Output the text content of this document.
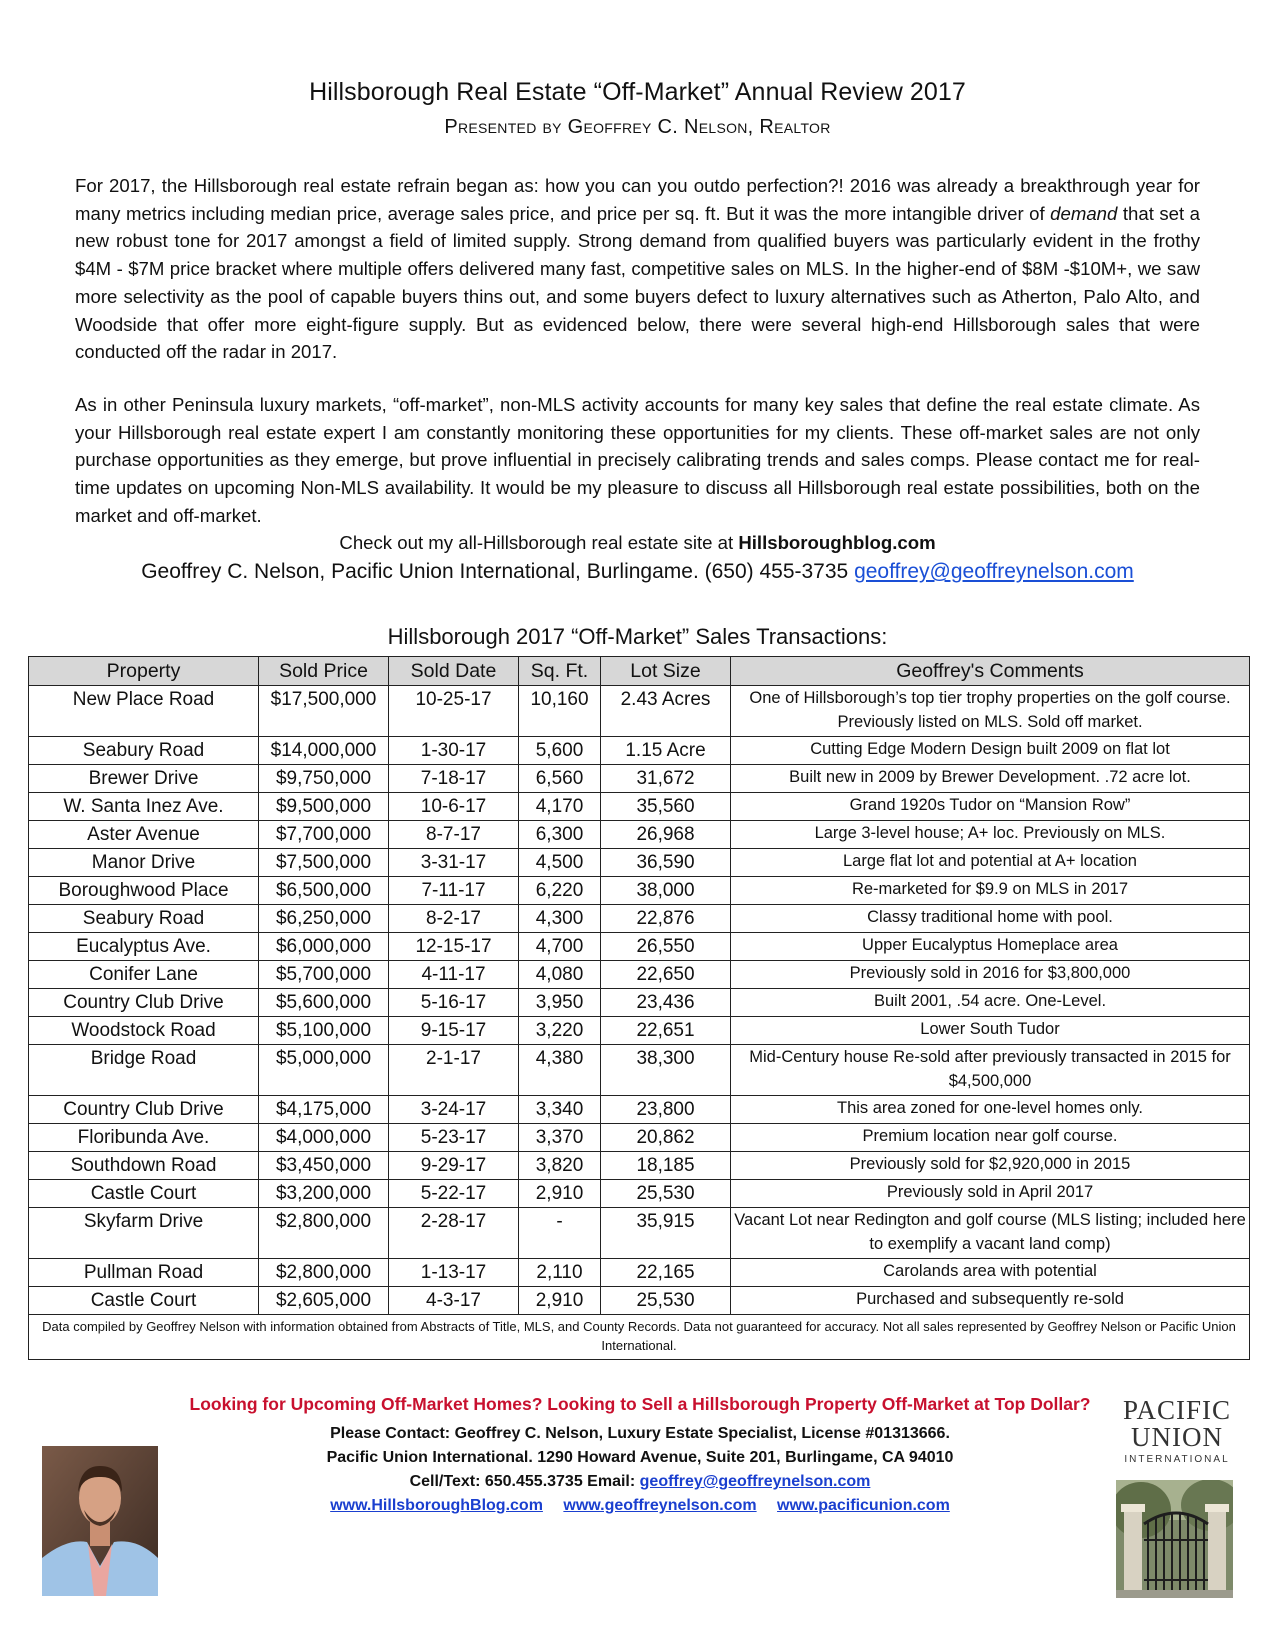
Hillsborough Real Estate “Off-Market” Annual Review 2017
Presented by Geoffrey C. Nelson, Realtor

For 2017, the Hillsborough real estate refrain began as: how you can you outdo perfection?! 2016 was already a breakthrough year for many metrics including median price, average sales price, and price per sq. ft. But it was the more intangible driver of demand that set a new robust tone for 2017 amongst a field of limited supply. Strong demand from qualified buyers was particularly evident in the frothy $4M - $7M price bracket where multiple offers delivered many fast, competitive sales on MLS. In the higher-end of $8M -$10M+, we saw more selectivity as the pool of capable buyers thins out, and some buyers defect to luxury alternatives such as Atherton, Palo Alto, and Woodside that offer more eight-figure supply. But as evidenced below, there were several high-end Hillsborough sales that were conducted off the radar in 2017.

As in other Peninsula luxury markets, “off-market”, non-MLS activity accounts for many key sales that define the real estate climate. As your Hillsborough real estate expert I am constantly monitoring these opportunities for my clients. These off-market sales are not only purchase opportunities as they emerge, but prove influential in precisely calibrating trends and sales comps. Please contact me for real-time updates on upcoming Non-MLS availability. It would be my pleasure to discuss all Hillsborough real estate possibilities, both on the market and off-market.

Check out my all-Hillsborough real estate site at Hillsboroughblog.com
Geoffrey C. Nelson, Pacific Union International, Burlingame. (650) 455-3735 geoffrey@geoffreynelson.com
Hillsborough 2017 “Off-Market” Sales Transactions:
Property	Sold Price	Sold Date	Sq. Ft.	Lot Size	Geoffrey's Comments
New Place Road	$17,500,000	10-25-17	10,160	2.43 Acres	One of Hillsborough’s top tier trophy properties on the golf course. Previously listed on MLS. Sold off market.
Seabury Road	$14,000,000	1-30-17	5,600	1.15 Acre	Cutting Edge Modern Design built 2009 on flat lot
Brewer Drive	$9,750,000	7-18-17	6,560	31,672	Built new in 2009 by Brewer Development. .72 acre lot.
W. Santa Inez Ave.	$9,500,000	10-6-17	4,170	35,560	Grand 1920s Tudor on “Mansion Row”
Aster Avenue	$7,700,000	8-7-17	6,300	26,968	Large 3-level house; A+ loc. Previously on MLS.
Manor Drive	$7,500,000	3-31-17	4,500	36,590	Large flat lot and potential at A+ location
Boroughwood Place	$6,500,000	7-11-17	6,220	38,000	Re-marketed for $9.9 on MLS in 2017
Seabury Road	$6,250,000	8-2-17	4,300	22,876	Classy traditional home with pool.
Eucalyptus Ave.	$6,000,000	12-15-17	4,700	26,550	Upper Eucalyptus Homeplace area
Conifer Lane	$5,700,000	4-11-17	4,080	22,650	Previously sold in 2016 for $3,800,000
Country Club Drive	$5,600,000	5-16-17	3,950	23,436	Built 2001, .54 acre. One-Level.
Woodstock Road	$5,100,000	9-15-17	3,220	22,651	Lower South Tudor
Bridge Road	$5,000,000	2-1-17	4,380	38,300	Mid-Century house Re-sold after previously transacted in 2015 for $4,500,000
Country Club Drive	$4,175,000	3-24-17	3,340	23,800	This area zoned for one-level homes only.
Floribunda Ave.	$4,000,000	5-23-17	3,370	20,862	Premium location near golf course.
Southdown Road	$3,450,000	9-29-17	3,820	18,185	Previously sold for $2,920,000 in 2015
Castle Court	$3,200,000	5-22-17	2,910	25,530	Previously sold in April 2017
Skyfarm Drive	$2,800,000	2-28-17	-	35,915	Vacant Lot near Redington and golf course (MLS listing; included here to exemplify a vacant land comp)
Pullman Road	$2,800,000	1-13-17	2,110	22,165	Carolands area with potential
Castle Court	$2,605,000	4-3-17	2,910	25,530	Purchased and subsequently re-sold
Data compiled by Geoffrey Nelson with information obtained from Abstracts of Title, MLS, and County Records. Data not guaranteed for accuracy. Not all sales represented by Geoffrey Nelson or Pacific Union International.					
Looking for Upcoming Off-Market Homes? Looking to Sell a Hillsborough Property Off-Market at Top Dollar?
Please Contact: Geoffrey C. Nelson, Luxury Estate Specialist, License #01313666.
Pacific Union International. 1290 Howard Avenue, Suite 201, Burlingame, CA 94010
Cell/Text: 650.455.3735 Email: geoffrey@geoffreynelson.com
www.HillsboroughBlog.com www.geoffreynelson.com www.pacificunion.com
PACIFIC
UNION
INTERNATIONAL
